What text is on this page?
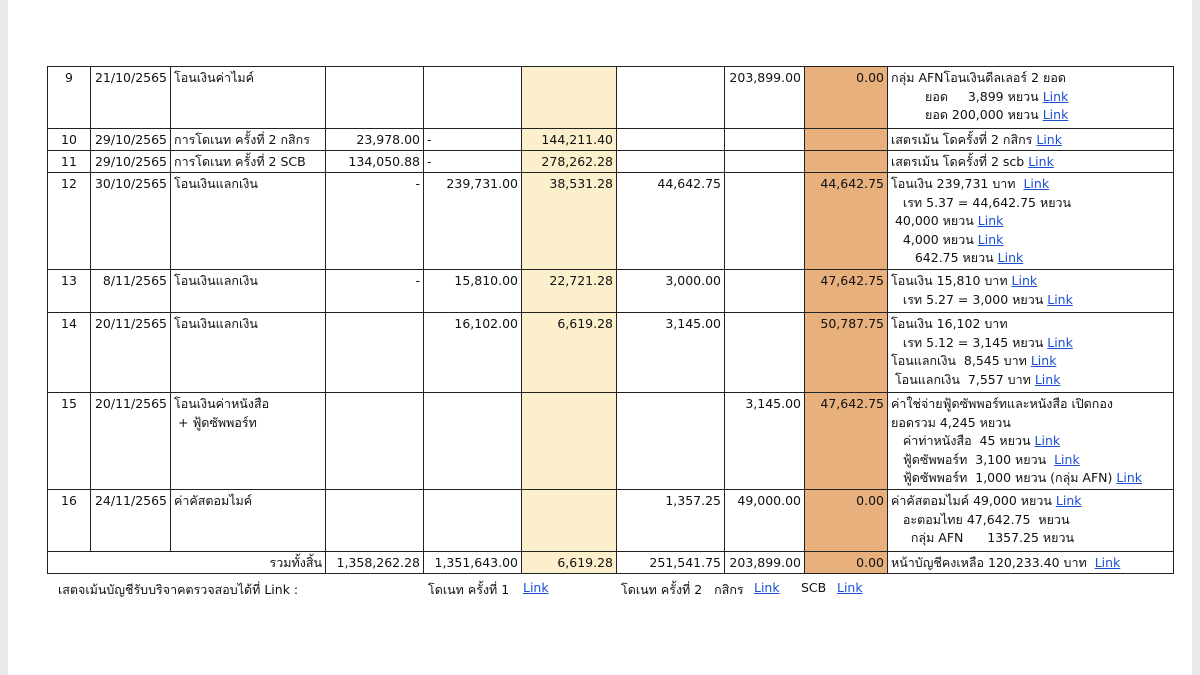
9	21/10/2565	โอนเงินค่าไมค์					203,899.00	0.00	กลุ่ม AFNโอนเงินดีลเลอร์ 2 ยอด
ยอด     3,899 หยวน Link
ยอด 200,000 หยวน Link

10	29/10/2565	การโดเนท ครั้งที่ 2 กสิกร	23,978.00	-	144,211.40				เสตรเม้น โดครั้งที่ 2 กสิกร Link

11	29/10/2565	การโดเนท ครั้งที่ 2 SCB	134,050.88	-	278,262.28				เสตรเม้น โดครั้งที่ 2 scb Link

12	30/10/2565	โอนเงินแลกเงิน	-	239,731.00	38,531.28	44,642.75		44,642.75	โอนเงิน 239,731 บาท  Link
เรท 5.37 = 44,642.75 หยวน
40,000 หยวน Link
4,000 หยวน Link
642.75 หยวน Link

13	8/11/2565	โอนเงินแลกเงิน	-	15,810.00	22,721.28	3,000.00		47,642.75	โอนเงิน 15,810 บาท Link
เรท 5.27 = 3,000 หยวน Link

14	20/11/2565	โอนเงินแลกเงิน		16,102.00	6,619.28	3,145.00		50,787.75	โอนเงิน 16,102 บาท
เรท 5.12 = 3,145 หยวน Link
โอนแลกเงิน  8,545 บาท Link
โอนแลกเงิน  7,557 บาท Link

15	20/11/2565	โอนเงินค่าหนังสือ
+ ฟู้ดซัพพอร์ท					3,145.00	47,642.75	ค่าใช่จ่ายฟู้ดซัพพอร์ทและหนังสือ เปิดกอง
ยอดรวม 4,245 หยวน
ค่าท่าหนังสือ  45 หยวน Link
ฟู้ดซัพพอร์ท  3,100 หยวน  Link
ฟู้ดซัพพอร์ท  1,000 หยวน (กลุ่ม AFN) Link

16	24/11/2565	ค่าคัสตอมไมค์				1,357.25	49,000.00	0.00	ค่าคัสตอมไมค์ 49,000 หยวน Link
อะตอมไทย 47,642.75  หยวน
กลุ่ม AFN      1357.25 หยวน

รวมทั้งสิ้น			1,358,262.28	1,351,643.00	6,619.28	251,541.75	203,899.00	0.00	หน้าบัญชีคงเหลือ 120,233.40 บาท  Link
เสตจเม้นบัญชีรับบริจาคตรวจสอบได้ที่ Link :	โดเนท ครั้งที่ 1 Link	โดเนท ครั้งที่ 2   กสิกร Link SCB Link
